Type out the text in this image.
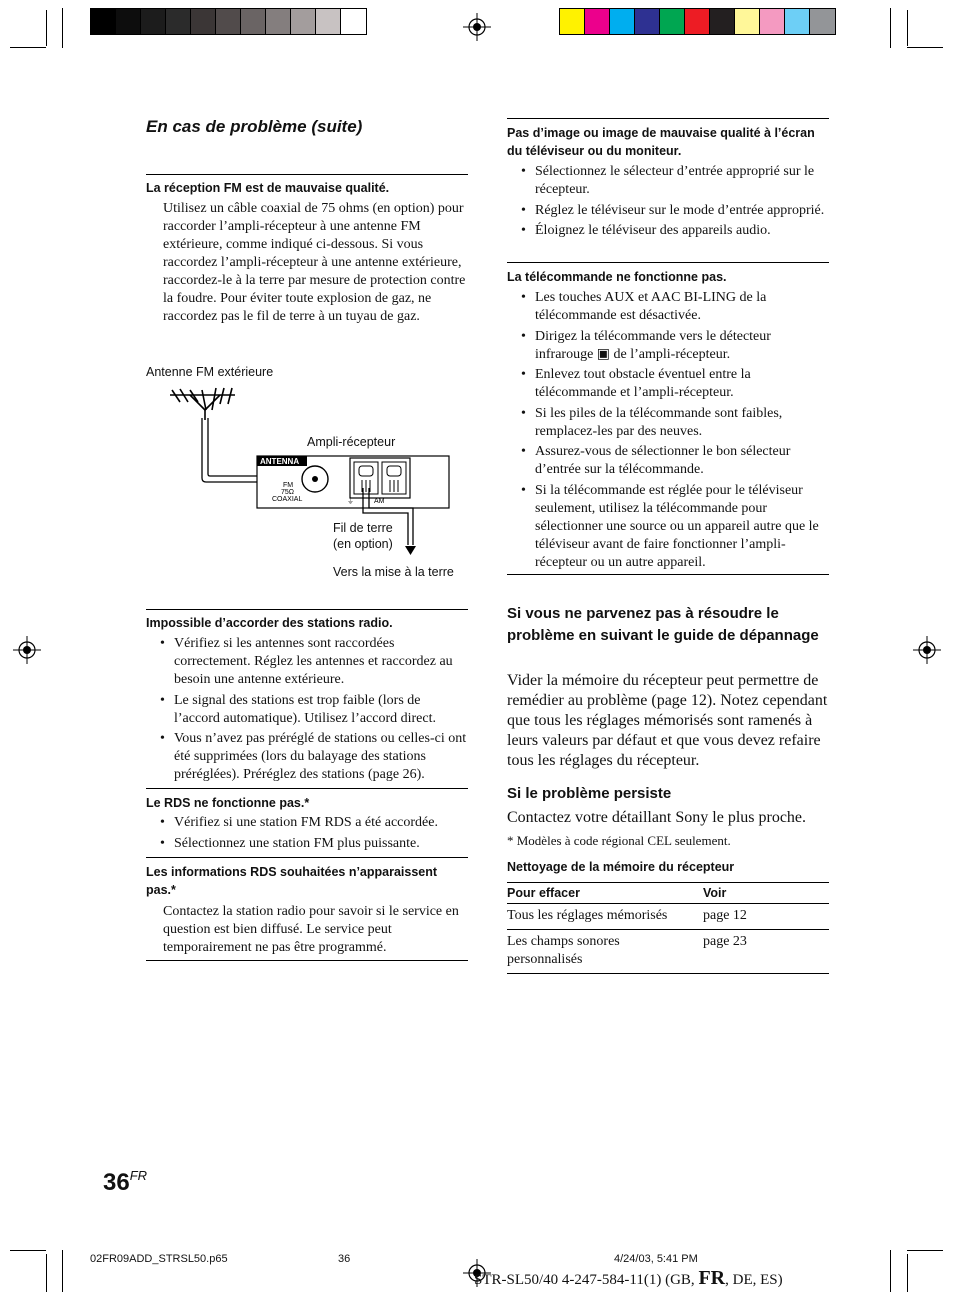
En cas de problème (suite)
La réception FM est de mauvaise qualité.
Utilisez un câble coaxial de 75 ohms (en option) pour raccorder l’ampli-récepteur à une antenne FM extérieure, comme indiqué ci-dessous. Si vous raccordez l’ampli-récepteur à une antenne extérieure, raccordez-le à la terre par mesure de protection contre la foudre. Pour éviter toute explosion de gaz, ne raccordez pas le fil de terre à un tuyau de gaz.
Antenne FM extérieure
Ampli-récepteur
Fil de terre
(en option)
Vers la mise à la terre
ANTENNA
FM
75Ω
COAXIAL	AM
⏚
Impossible d’accorder des stations radio.
• Vérifiez si les antennes sont raccordées correctement. Réglez les antennes et raccordez au besoin une antenne extérieure.
• Le signal des stations est trop faible (lors de l’accord automatique). Utilisez l’accord direct.
• Vous n’avez pas préréglé de stations ou celles-ci ont été supprimées (lors du balayage des stations préréglées). Préréglez des stations (page 26).
Le RDS ne fonctionne pas.*
• Vérifiez si une station FM RDS a été accordée.
• Sélectionnez une station FM plus puissante.
Les informations RDS souhaitées n’apparaissent pas.*
Contactez la station radio pour savoir si le service en question est bien diffusé. Le service peut temporairement ne pas être programmé.
Pas d’image ou image de mauvaise qualité à l’écran du téléviseur ou du moniteur.
• Sélectionnez le sélecteur d’entrée approprié sur le récepteur.
• Réglez le téléviseur sur le mode d’entrée approprié.
• Éloignez le téléviseur des appareils audio.
La télécommande ne fonctionne pas.
• Les touches AUX et AAC BI-LING de la télécommande est désactivée.
• Dirigez la télécommande vers le détecteur infrarouge ▣ de l’ampli-récepteur.
• Enlevez tout obstacle éventuel entre la télécommande et l’ampli-récepteur.
• Si les piles de la télécommande sont faibles, remplacez-les par des neuves.
• Assurez-vous de sélectionner le bon sélecteur d’entrée sur la télécommande.
• Si la télécommande est réglée pour le téléviseur seulement, utilisez la télécommande pour sélectionner une source ou un appareil autre que le téléviseur avant de faire fonctionner l’ampli-récepteur ou un autre appareil.
Si vous ne parvenez pas à résoudre le problème en suivant le guide de dépannage
Vider la mémoire du récepteur peut permettre de remédier au problème (page 12). Notez cependant que tous les réglages mémorisés sont ramenés à leurs valeurs par défaut et que vous devez refaire tous les réglages du récepteur.
Si le problème persiste
Contactez votre détaillant Sony le plus proche.
* Modèles à code régional CEL seulement.
Nettoyage de la mémoire du récepteur
Pour effacer	Voir
Tous les réglages mémorisés	page 12
Les champs sonores personnalisés	page 23
$36^{FR}$
02FR09ADD_STRSL50.p65	36	4/24/03, 5:41 PM
STR-SL50/40 4-247-584-11(1) (GB, FR, DE, ES)
